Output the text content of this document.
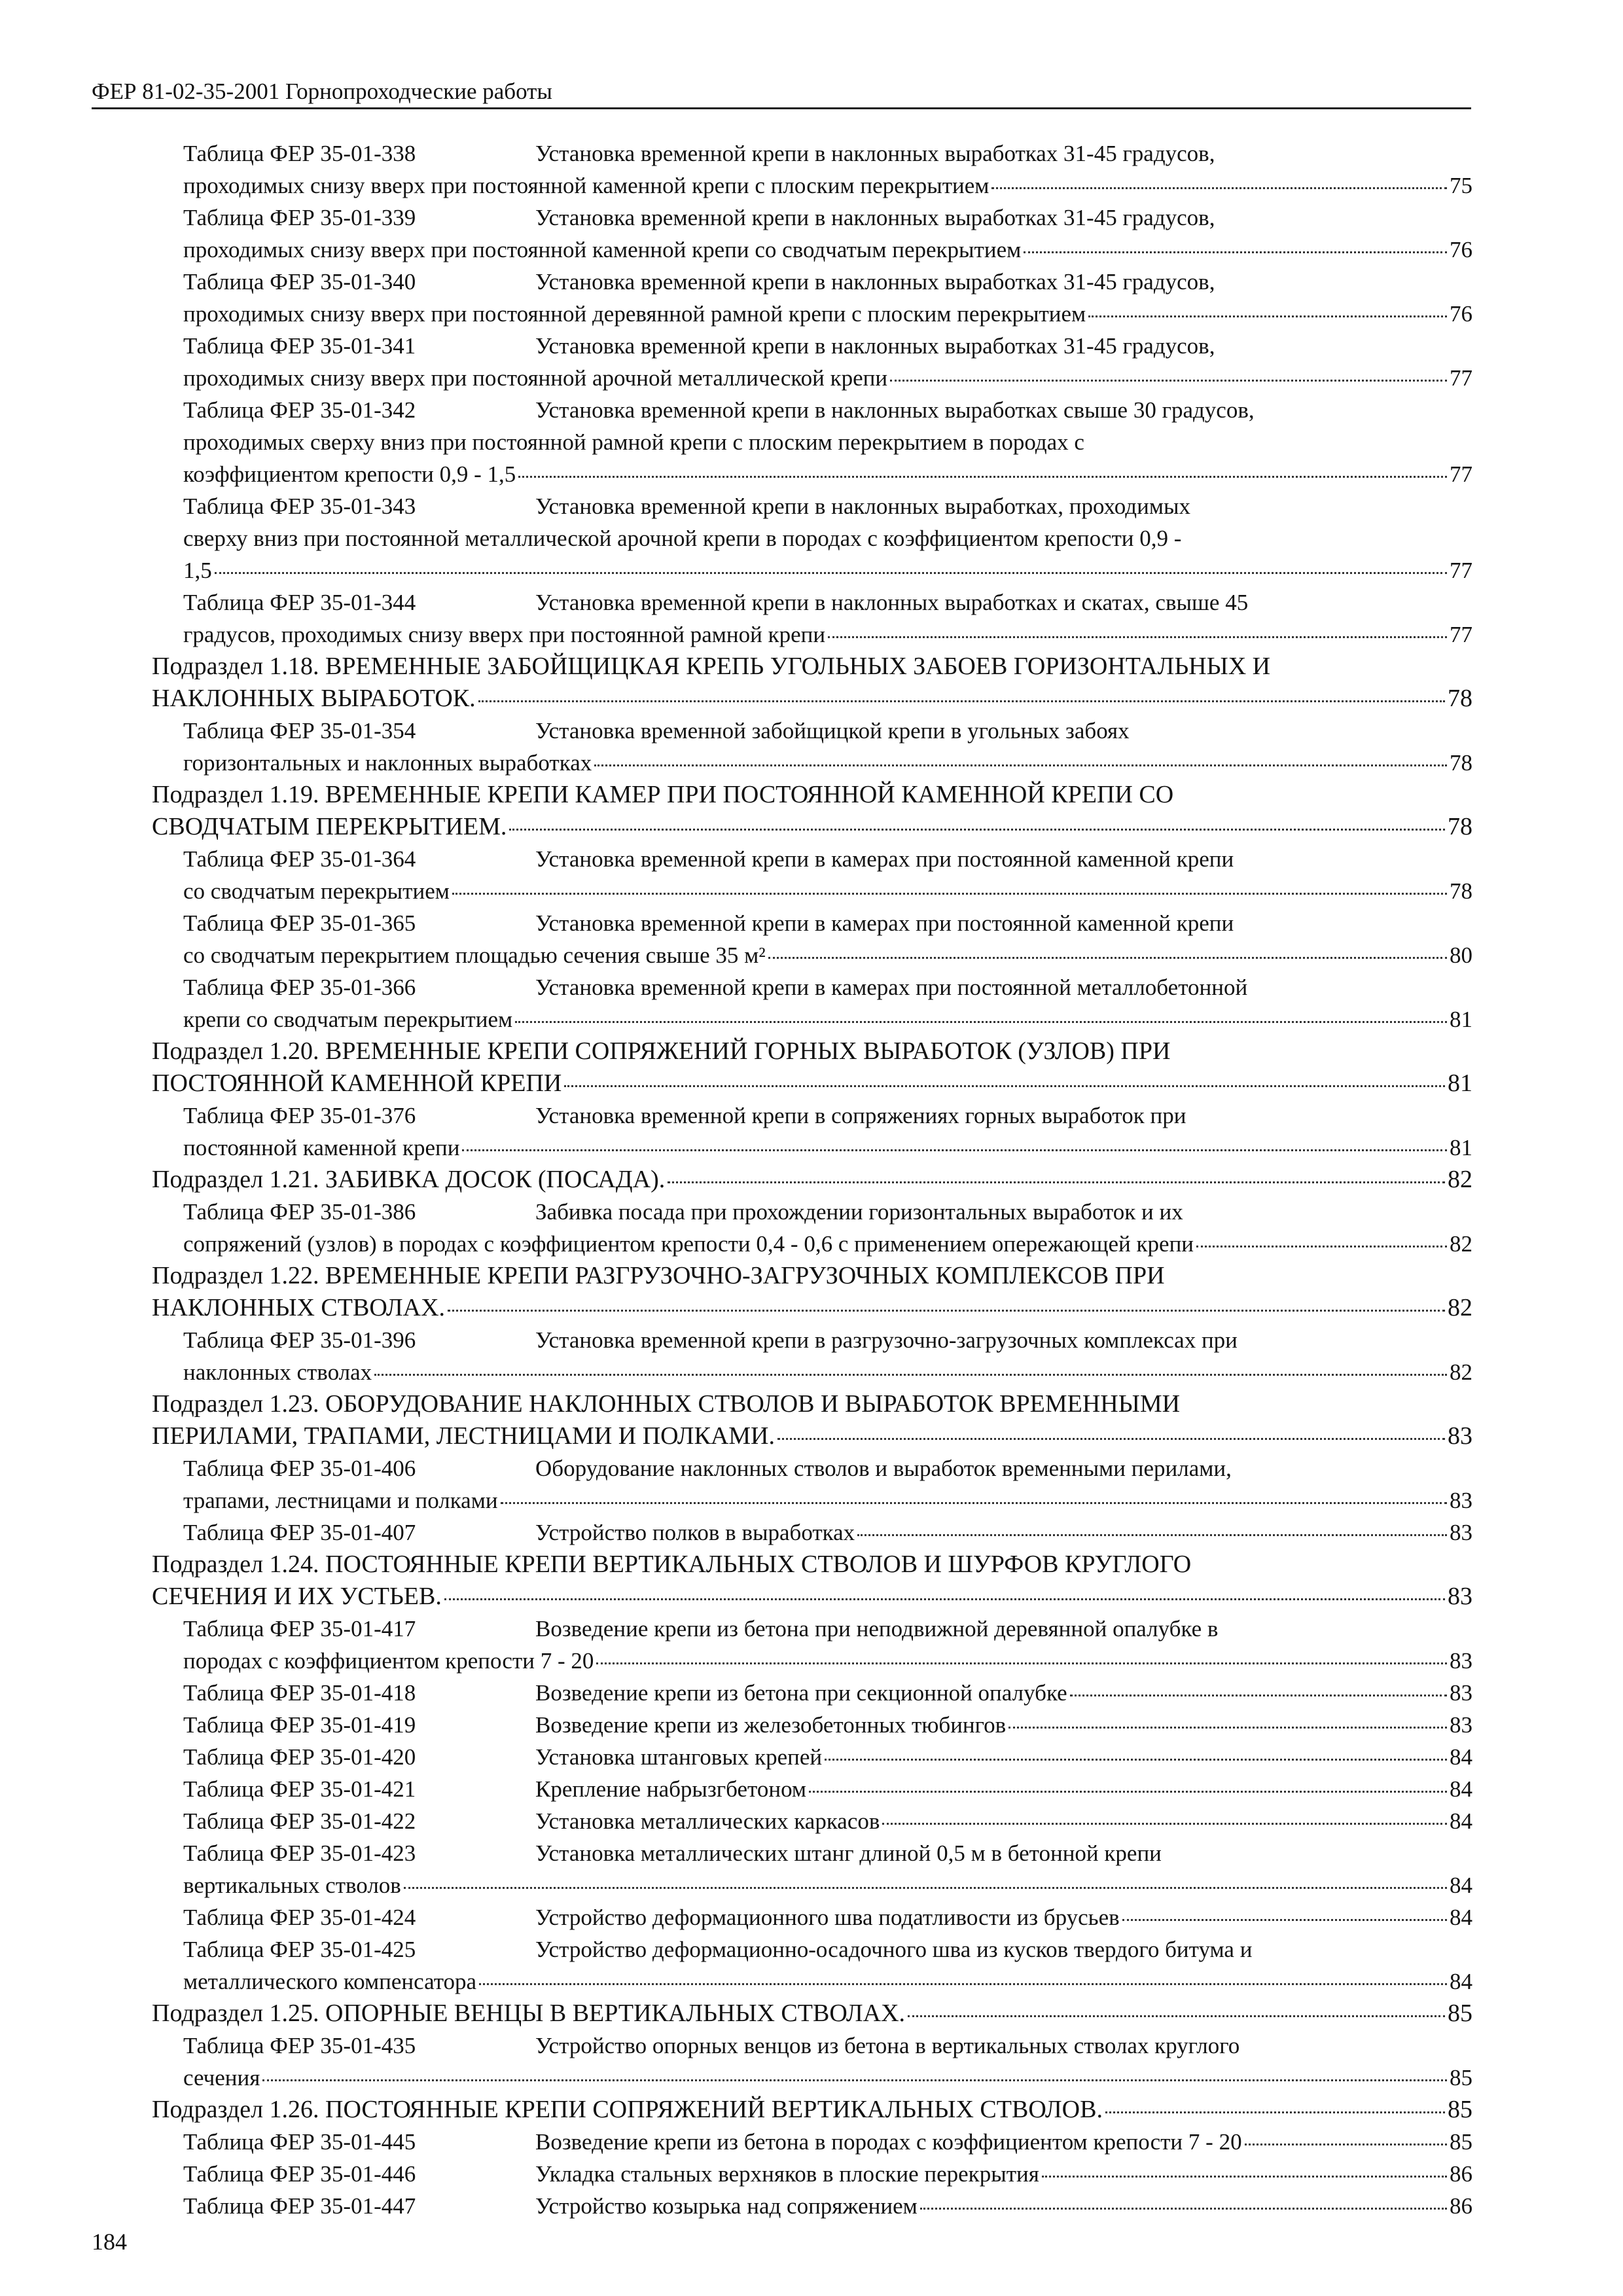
ФЕР 81-02-35-2001 Горнопроходческие работы
Таблица ФЕР 35-01-338	Установка временной крепи в наклонных выработках 31-45 градусов,
проходимых снизу вверх при постоянной каменной крепи с плоским перекрытием	75
Таблица ФЕР 35-01-339	Установка временной крепи в наклонных выработках 31-45 градусов,
проходимых снизу вверх при постоянной каменной крепи со сводчатым перекрытием	76
Таблица ФЕР 35-01-340	Установка временной крепи в наклонных выработках 31-45 градусов,
проходимых снизу вверх при постоянной деревянной рамной крепи с плоским перекрытием	76
Таблица ФЕР 35-01-341	Установка временной крепи в наклонных выработках 31-45 градусов,
проходимых снизу вверх при постоянной арочной металлической крепи	77
Таблица ФЕР 35-01-342	Установка временной крепи в наклонных выработках свыше 30 градусов,
проходимых сверху вниз при постоянной рамной крепи с плоским перекрытием в породах с
коэффициентом крепости 0,9 - 1,5	77
Таблица ФЕР 35-01-343	Установка временной крепи в наклонных выработках, проходимых
сверху вниз при постоянной металлической арочной крепи в породах с коэффициентом крепости 0,9 -
1,5	77
Таблица ФЕР 35-01-344	Установка временной крепи в наклонных выработках и скатах, свыше 45
градусов, проходимых снизу вверх при постоянной рамной крепи	77
Подраздел 1.18. ВРЕМЕННЫЕ ЗАБОЙЩИЦКАЯ КРЕПЬ УГОЛЬНЫХ ЗАБОЕВ ГОРИЗОНТАЛЬНЫХ И
НАКЛОННЫХ ВЫРАБОТОК.	78
Таблица ФЕР 35-01-354	Установка временной забойщицкой крепи в угольных забоях
горизонтальных и наклонных выработках	78
Подраздел 1.19. ВРЕМЕННЫЕ КРЕПИ КАМЕР ПРИ ПОСТОЯННОЙ КАМЕННОЙ КРЕПИ СО
СВОДЧАТЫМ ПЕРЕКРЫТИЕМ.	78
Таблица ФЕР 35-01-364	Установка временной крепи в камерах при постоянной каменной крепи
со сводчатым перекрытием	78
Таблица ФЕР 35-01-365	Установка временной крепи в камерах при постоянной каменной крепи
со сводчатым перекрытием площадью сечения свыше 35 м²	80
Таблица ФЕР 35-01-366	Установка временной крепи в камерах при постоянной металлобетонной
крепи со сводчатым перекрытием	81
Подраздел 1.20. ВРЕМЕННЫЕ КРЕПИ СОПРЯЖЕНИЙ ГОРНЫХ ВЫРАБОТОК (УЗЛОВ) ПРИ
ПОСТОЯННОЙ КАМЕННОЙ КРЕПИ	81
Таблица ФЕР 35-01-376	Установка временной крепи в сопряжениях горных выработок при
постоянной каменной крепи	81
Подраздел 1.21. ЗАБИВКА ДОСОК (ПОСАДА).	82
Таблица ФЕР 35-01-386	Забивка посада при прохождении горизонтальных выработок и их
сопряжений (узлов) в породах с коэффициентом крепости 0,4 - 0,6 с применением опережающей крепи	82
Подраздел 1.22. ВРЕМЕННЫЕ КРЕПИ РАЗГРУЗОЧНО-ЗАГРУЗОЧНЫХ КОМПЛЕКСОВ ПРИ
НАКЛОННЫХ СТВОЛАХ.	82
Таблица ФЕР 35-01-396	Установка временной крепи в разгрузочно-загрузочных комплексах при
наклонных стволах	82
Подраздел 1.23. ОБОРУДОВАНИЕ НАКЛОННЫХ СТВОЛОВ И ВЫРАБОТОК ВРЕМЕННЫМИ
ПЕРИЛАМИ, ТРАПАМИ, ЛЕСТНИЦАМИ И ПОЛКАМИ.	83
Таблица ФЕР 35-01-406	Оборудование наклонных стволов и выработок временными перилами,
трапами, лестницами и полками	83
Таблица ФЕР 35-01-407	Устройство полков в выработках	83
Подраздел 1.24. ПОСТОЯННЫЕ КРЕПИ ВЕРТИКАЛЬНЫХ СТВОЛОВ И ШУРФОВ КРУГЛОГО
СЕЧЕНИЯ И ИХ УСТЬЕВ.	83
Таблица ФЕР 35-01-417	Возведение крепи из бетона при неподвижной деревянной опалубке в
породах с коэффициентом крепости 7 - 20	83
Таблица ФЕР 35-01-418	Возведение крепи из бетона при секционной опалубке	83
Таблица ФЕР 35-01-419	Возведение крепи из железобетонных тюбингов	83
Таблица ФЕР 35-01-420	Установка штанговых крепей	84
Таблица ФЕР 35-01-421	Крепление набрызгбетоном	84
Таблица ФЕР 35-01-422	Установка металлических каркасов	84
Таблица ФЕР 35-01-423	Установка металлических штанг длиной 0,5 м в бетонной крепи
вертикальных стволов	84
Таблица ФЕР 35-01-424	Устройство деформационного шва податливости из брусьев	84
Таблица ФЕР 35-01-425	Устройство деформационно-осадочного шва из кусков твердого битума и
металлического компенсатора	84
Подраздел 1.25. ОПОРНЫЕ ВЕНЦЫ В ВЕРТИКАЛЬНЫХ СТВОЛАХ.	85
Таблица ФЕР 35-01-435	Устройство опорных венцов из бетона в вертикальных стволах круглого
сечения	85
Подраздел 1.26. ПОСТОЯННЫЕ КРЕПИ СОПРЯЖЕНИЙ ВЕРТИКАЛЬНЫХ СТВОЛОВ.	85
Таблица ФЕР 35-01-445	Возведение крепи из бетона в породах с коэффициентом крепости 7 - 20	85
Таблица ФЕР 35-01-446	Укладка стальных верхняков в плоские перекрытия	86
Таблица ФЕР 35-01-447	Устройство козырька над сопряжением	86
184
